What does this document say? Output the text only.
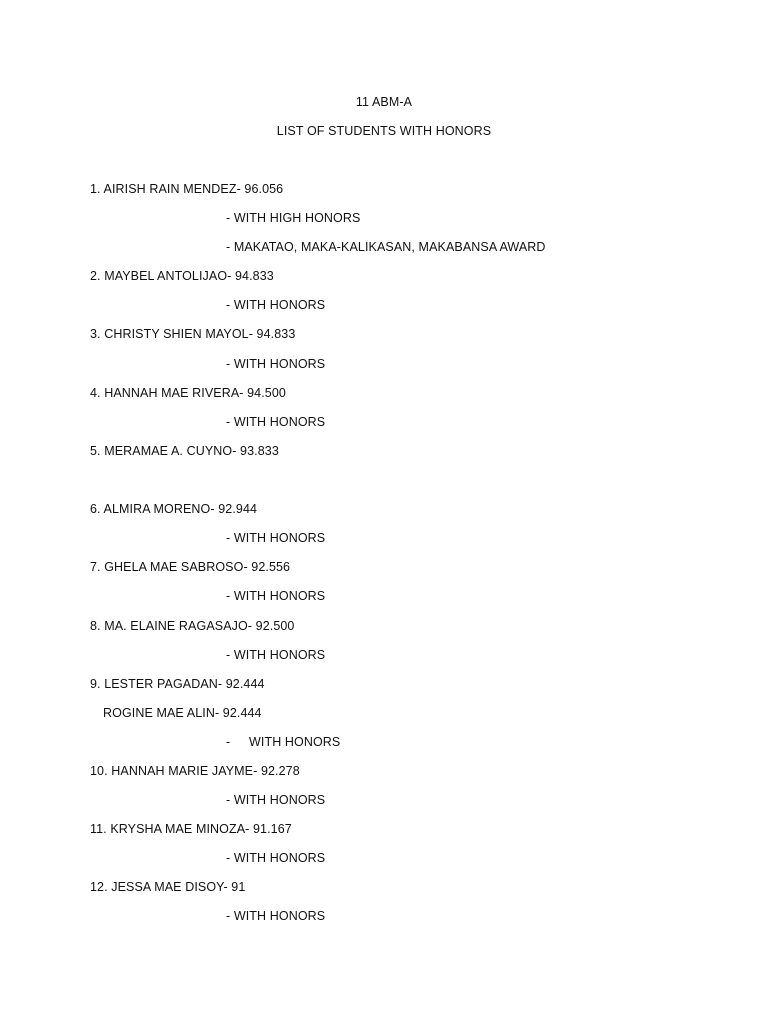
11 ABM-A
LIST OF STUDENTS WITH HONORS
1. AIRISH RAIN MENDEZ- 96.056
- WITH HIGH HONORS
- MAKATAO, MAKA-KALIKASAN, MAKABANSA AWARD
2. MAYBEL ANTOLIJAO- 94.833
- WITH HONORS
3. CHRISTY SHIEN MAYOL- 94.833
- WITH HONORS
4. HANNAH MAE RIVERA- 94.500
- WITH HONORS
5. MERAMAE A. CUYNO- 93.833
6. ALMIRA MORENO- 92.944
- WITH HONORS
7. GHELA MAE SABROSO- 92.556
- WITH HONORS
8. MA. ELAINE RAGASAJO- 92.500
- WITH HONORS
9. LESTER PAGADAN- 92.444
ROGINE MAE ALIN- 92.444
- WITH HONORS
10. HANNAH MARIE JAYME- 92.278
- WITH HONORS
11. KRYSHA MAE MINOZA- 91.167
- WITH HONORS
12. JESSA MAE DISOY- 91
- WITH HONORS
